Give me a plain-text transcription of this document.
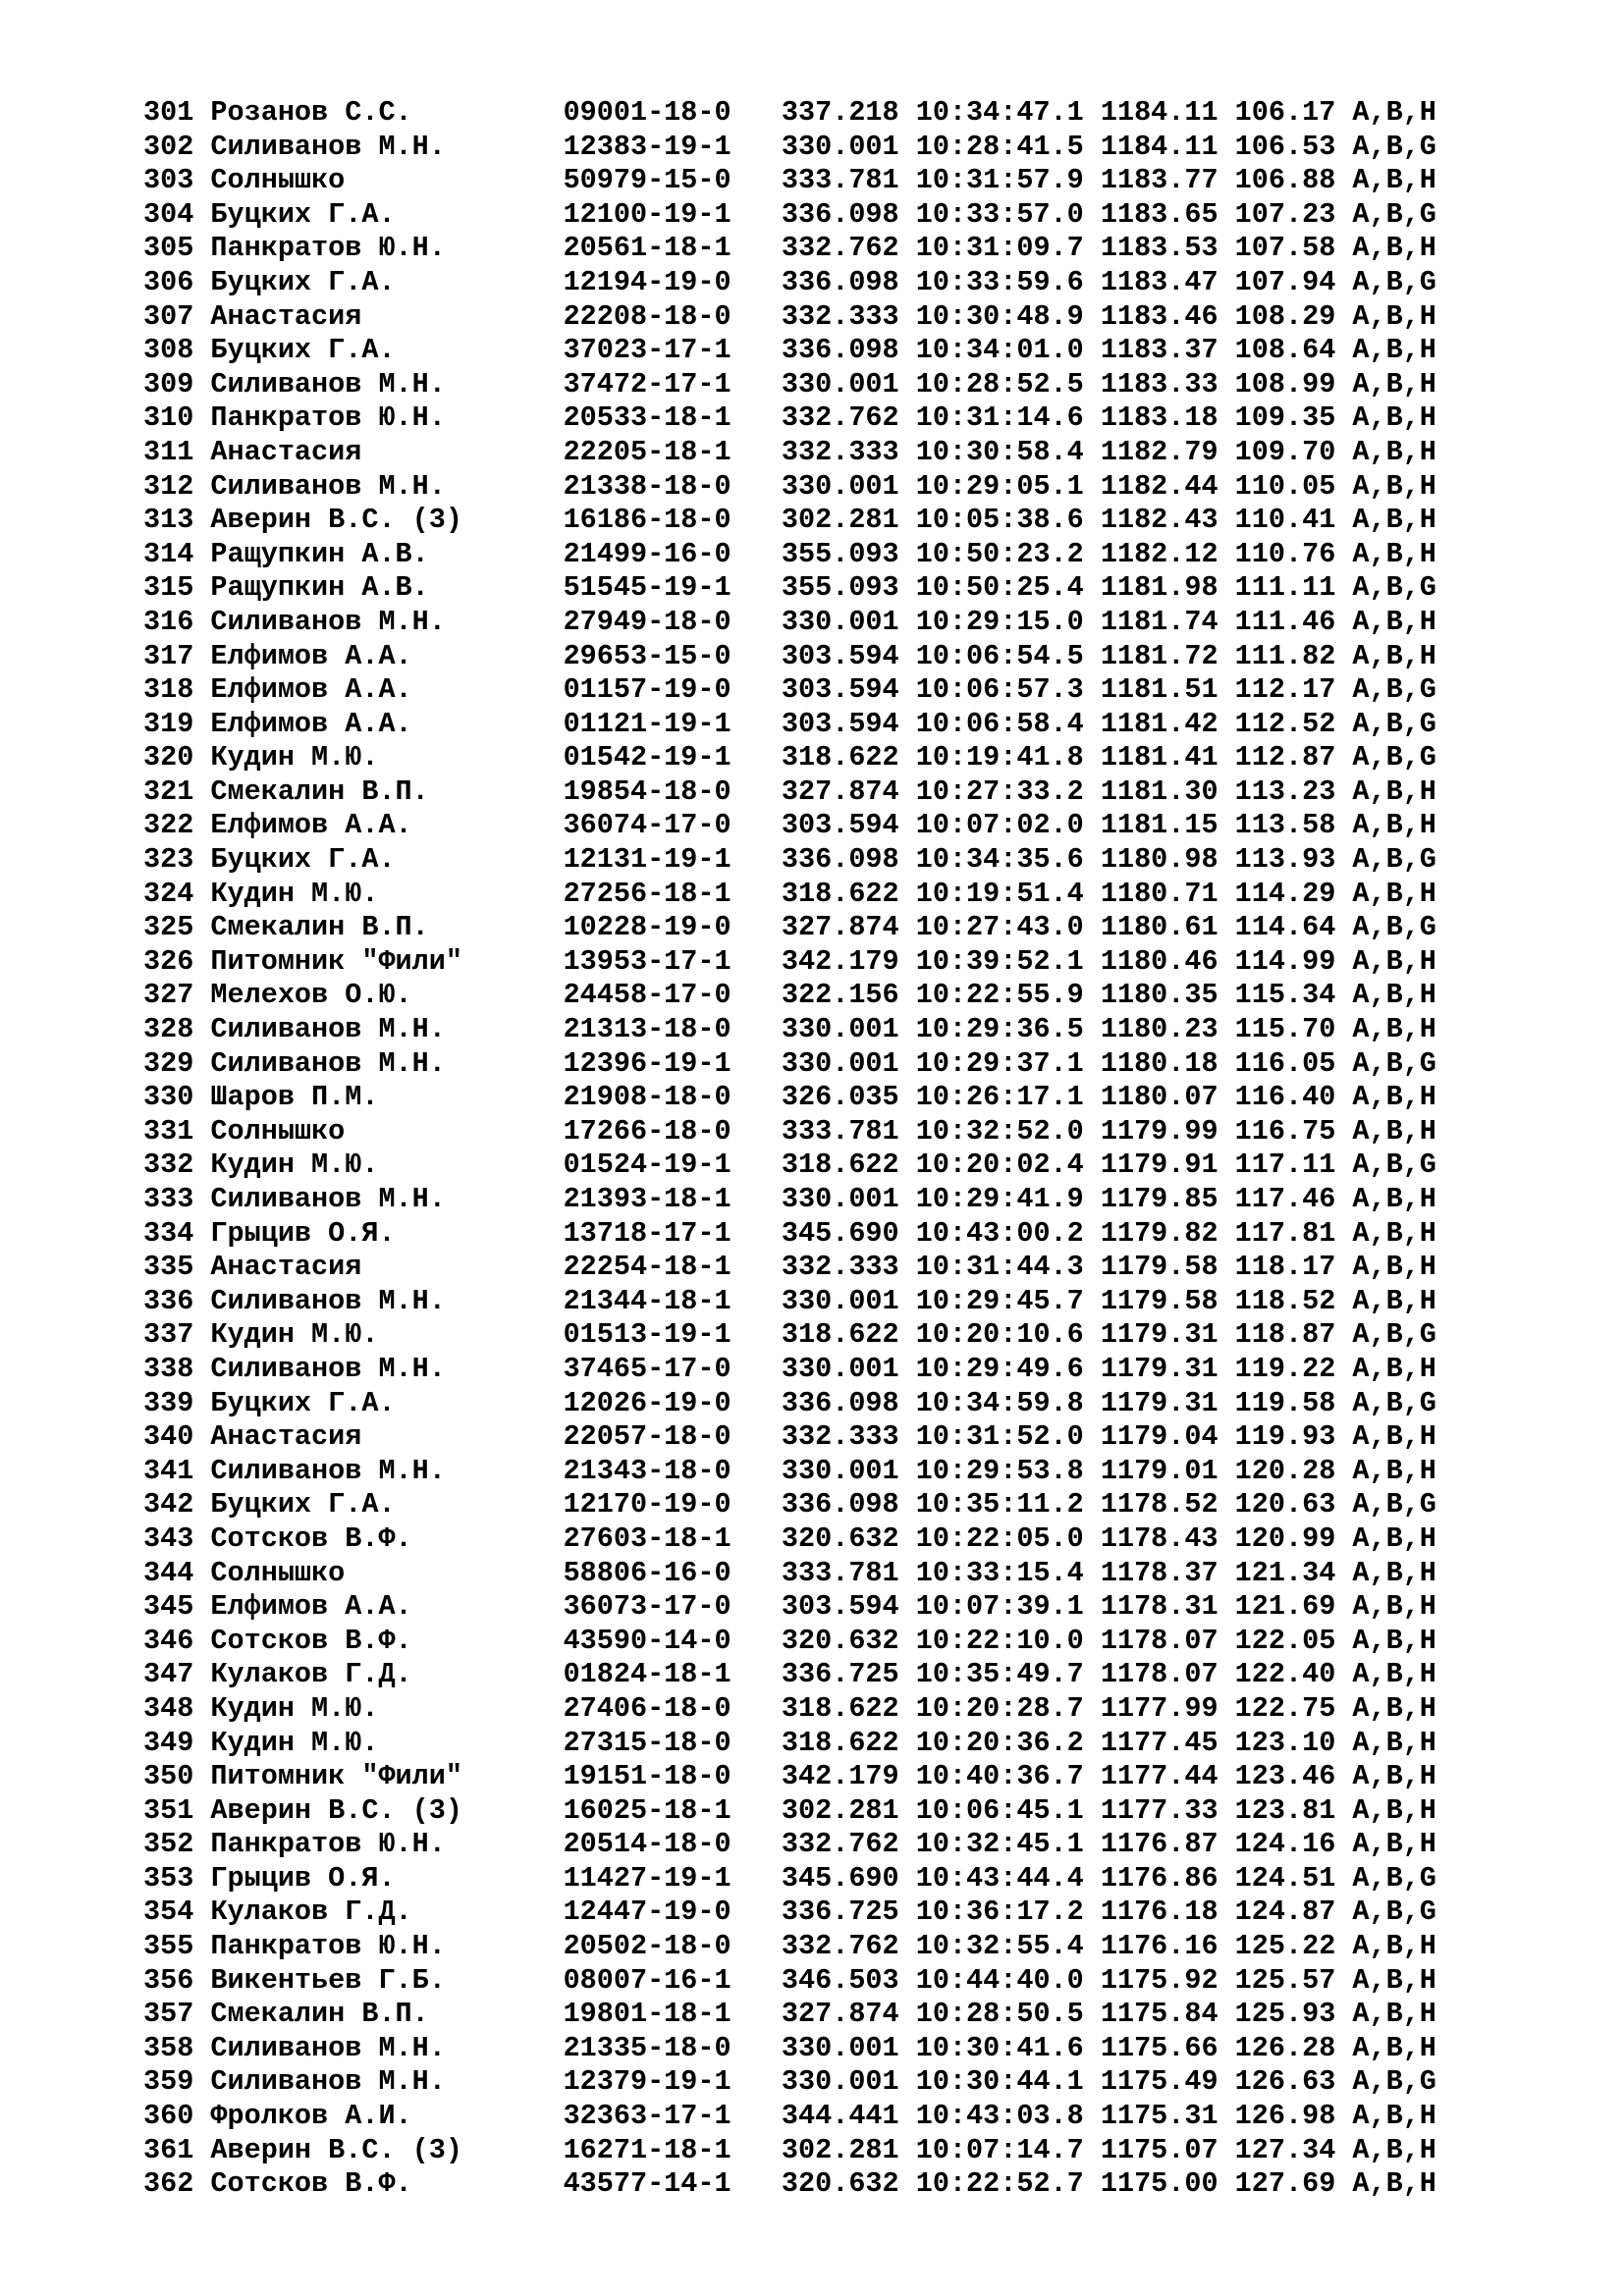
301 Розанов С.С.         09001-18-0   337.218 10:34:47.1 1184.11 106.17 A,B,H
302 Силиванов М.Н.       12383-19-1   330.001 10:28:41.5 1184.11 106.53 A,B,G
303 Солнышко             50979-15-0   333.781 10:31:57.9 1183.77 106.88 A,B,H
304 Буцких Г.А.          12100-19-1   336.098 10:33:57.0 1183.65 107.23 A,B,G
305 Панкратов Ю.Н.       20561-18-1   332.762 10:31:09.7 1183.53 107.58 A,B,H
306 Буцких Г.А.          12194-19-0   336.098 10:33:59.6 1183.47 107.94 A,B,G
307 Анастасия            22208-18-0   332.333 10:30:48.9 1183.46 108.29 A,B,H
308 Буцких Г.А.          37023-17-1   336.098 10:34:01.0 1183.37 108.64 A,B,H
309 Силиванов М.Н.       37472-17-1   330.001 10:28:52.5 1183.33 108.99 A,B,H
310 Панкратов Ю.Н.       20533-18-1   332.762 10:31:14.6 1183.18 109.35 A,B,H
311 Анастасия            22205-18-1   332.333 10:30:58.4 1182.79 109.70 A,B,H
312 Силиванов М.Н.       21338-18-0   330.001 10:29:05.1 1182.44 110.05 A,B,H
313 Аверин В.С. (3)      16186-18-0   302.281 10:05:38.6 1182.43 110.41 A,B,H
314 Ращупкин А.В.        21499-16-0   355.093 10:50:23.2 1182.12 110.76 A,B,H
315 Ращупкин А.В.        51545-19-1   355.093 10:50:25.4 1181.98 111.11 A,B,G
316 Силиванов М.Н.       27949-18-0   330.001 10:29:15.0 1181.74 111.46 A,B,H
317 Елфимов А.А.         29653-15-0   303.594 10:06:54.5 1181.72 111.82 A,B,H
318 Елфимов А.А.         01157-19-0   303.594 10:06:57.3 1181.51 112.17 A,B,G
319 Елфимов А.А.         01121-19-1   303.594 10:06:58.4 1181.42 112.52 A,B,G
320 Кудин М.Ю.           01542-19-1   318.622 10:19:41.8 1181.41 112.87 A,B,G
321 Смекалин В.П.        19854-18-0   327.874 10:27:33.2 1181.30 113.23 A,B,H
322 Елфимов А.А.         36074-17-0   303.594 10:07:02.0 1181.15 113.58 A,B,H
323 Буцких Г.А.          12131-19-1   336.098 10:34:35.6 1180.98 113.93 A,B,G
324 Кудин М.Ю.           27256-18-1   318.622 10:19:51.4 1180.71 114.29 A,B,H
325 Смекалин В.П.        10228-19-0   327.874 10:27:43.0 1180.61 114.64 A,B,G
326 Питомник "Фили"      13953-17-1   342.179 10:39:52.1 1180.46 114.99 A,B,H
327 Мелехов О.Ю.         24458-17-0   322.156 10:22:55.9 1180.35 115.34 A,B,H
328 Силиванов М.Н.       21313-18-0   330.001 10:29:36.5 1180.23 115.70 A,B,H
329 Силиванов М.Н.       12396-19-1   330.001 10:29:37.1 1180.18 116.05 A,B,G
330 Шаров П.М.           21908-18-0   326.035 10:26:17.1 1180.07 116.40 A,B,H
331 Солнышко             17266-18-0   333.781 10:32:52.0 1179.99 116.75 A,B,H
332 Кудин М.Ю.           01524-19-1   318.622 10:20:02.4 1179.91 117.11 A,B,G
333 Силиванов М.Н.       21393-18-1   330.001 10:29:41.9 1179.85 117.46 A,B,H
334 Грыцив О.Я.          13718-17-1   345.690 10:43:00.2 1179.82 117.81 A,B,H
335 Анастасия            22254-18-1   332.333 10:31:44.3 1179.58 118.17 A,B,H
336 Силиванов М.Н.       21344-18-1   330.001 10:29:45.7 1179.58 118.52 A,B,H
337 Кудин М.Ю.           01513-19-1   318.622 10:20:10.6 1179.31 118.87 A,B,G
338 Силиванов М.Н.       37465-17-0   330.001 10:29:49.6 1179.31 119.22 A,B,H
339 Буцких Г.А.          12026-19-0   336.098 10:34:59.8 1179.31 119.58 A,B,G
340 Анастасия            22057-18-0   332.333 10:31:52.0 1179.04 119.93 A,B,H
341 Силиванов М.Н.       21343-18-0   330.001 10:29:53.8 1179.01 120.28 A,B,H
342 Буцких Г.А.          12170-19-0   336.098 10:35:11.2 1178.52 120.63 A,B,G
343 Сотсков В.Ф.         27603-18-1   320.632 10:22:05.0 1178.43 120.99 A,B,H
344 Солнышко             58806-16-0   333.781 10:33:15.4 1178.37 121.34 A,B,H
345 Елфимов А.А.         36073-17-0   303.594 10:07:39.1 1178.31 121.69 A,B,H
346 Сотсков В.Ф.         43590-14-0   320.632 10:22:10.0 1178.07 122.05 A,B,H
347 Кулаков Г.Д.         01824-18-1   336.725 10:35:49.7 1178.07 122.40 A,B,H
348 Кудин М.Ю.           27406-18-0   318.622 10:20:28.7 1177.99 122.75 A,B,H
349 Кудин М.Ю.           27315-18-0   318.622 10:20:36.2 1177.45 123.10 A,B,H
350 Питомник "Фили"      19151-18-0   342.179 10:40:36.7 1177.44 123.46 A,B,H
351 Аверин В.С. (3)      16025-18-1   302.281 10:06:45.1 1177.33 123.81 A,B,H
352 Панкратов Ю.Н.       20514-18-0   332.762 10:32:45.1 1176.87 124.16 A,B,H
353 Грыцив О.Я.          11427-19-1   345.690 10:43:44.4 1176.86 124.51 A,B,G
354 Кулаков Г.Д.         12447-19-0   336.725 10:36:17.2 1176.18 124.87 A,B,G
355 Панкратов Ю.Н.       20502-18-0   332.762 10:32:55.4 1176.16 125.22 A,B,H
356 Викентьев Г.Б.       08007-16-1   346.503 10:44:40.0 1175.92 125.57 A,B,H
357 Смекалин В.П.        19801-18-1   327.874 10:28:50.5 1175.84 125.93 A,B,H
358 Силиванов М.Н.       21335-18-0   330.001 10:30:41.6 1175.66 126.28 A,B,H
359 Силиванов М.Н.       12379-19-1   330.001 10:30:44.1 1175.49 126.63 A,B,G
360 Фролков А.И.         32363-17-1   344.441 10:43:03.8 1175.31 126.98 A,B,H
361 Аверин В.С. (3)      16271-18-1   302.281 10:07:14.7 1175.07 127.34 A,B,H
362 Сотсков В.Ф.         43577-14-1   320.632 10:22:52.7 1175.00 127.69 A,B,H
